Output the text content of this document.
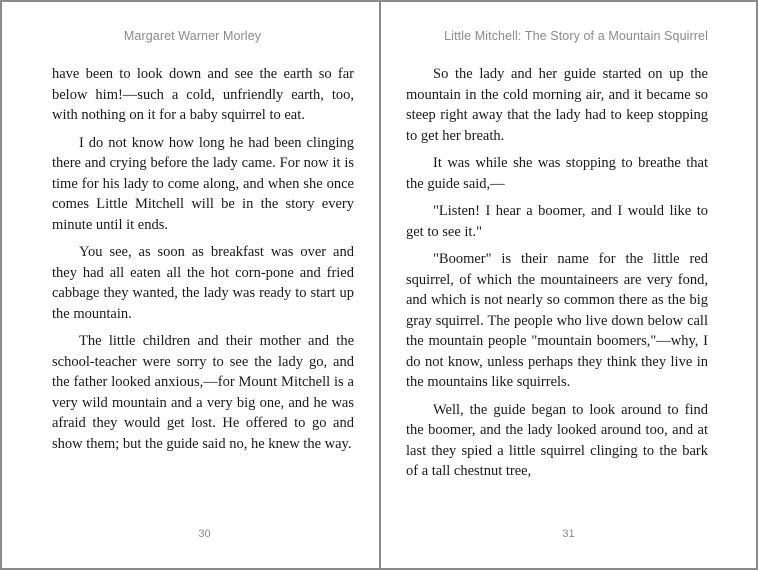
Margaret Warner Morley

have been to look down and see the earth so far below him!—such a cold, unfriendly earth, too, with nothing on it for a baby squirrel to eat.

I do not know how long he had been clinging there and crying before the lady came. For now it is time for his lady to come along, and when she once comes Little Mitchell will be in the story every minute until it ends.

You see, as soon as breakfast was over and they had all eaten all the hot corn-pone and fried cabbage they wanted, the lady was ready to start up the mountain.

The little children and their mother and the school-teacher were sorry to see the lady go, and the father looked anxious,—for Mount Mitchell is a very wild mountain and a very big one, and he was afraid they would get lost. He offered to go and show them; but the guide said no, he knew the way.

30
Little Mitchell: The Story of a Mountain Squirrel

So the lady and her guide started on up the mountain in the cold morning air, and it became so steep right away that the lady had to keep stopping to get her breath.

It was while she was stopping to breathe that the guide said,—

"Listen! I hear a boomer, and I would like to get to see it."

"Boomer" is their name for the little red squirrel, of which the mountaineers are very fond, and which is not nearly so common there as the big gray squirrel. The people who live down below call the mountain people "mountain boomers,"—why, I do not know, unless perhaps they think they live in the mountains like squirrels.

Well, the guide began to look around to find the boomer, and the lady looked around too, and at last they spied a little squirrel clinging to the bark of a tall chestnut tree,

31
